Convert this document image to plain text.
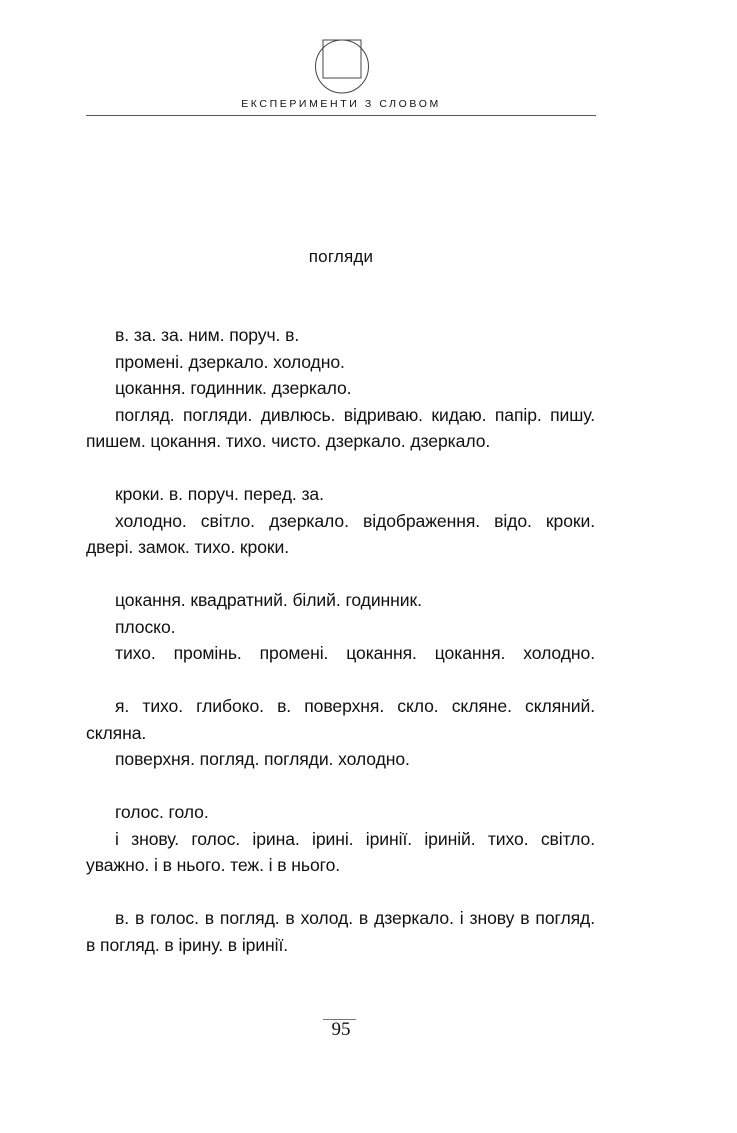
ЕКСПЕРИМЕНТИ З СЛОВОМ
погляди

в. за. за. ним. поруч. в.

промені. дзеркало. холодно.

цокання. годинник. дзеркало.

погляд. погляди. дивлюсь. відриваю. кидаю. папір. пишу. пишем. цокання. тихо. чисто. дзеркало. дзеркало.

кроки. в. поруч. перед. за.

холодно. світло. дзеркало. відображення. відо. кроки. двері. замок. тихо. кроки.

цокання. квадратний. білий. годинник.

плоско.

тихо. промінь. промені. цокання. цокання. холодно.

я. тихо. глибоко. в. поверхня. скло. скляне. скляний. скляна.

поверхня. погляд. погляди. холодно.

голос. голо.

і знову. голос. ірина. ірині. іринії. іриній. тихо. світло. уважно. і в нього. теж. і в нього.

в. в голос. в погляд. в холод. в дзеркало. і знову в погляд. в погляд. в ірину. в іринії.

95
